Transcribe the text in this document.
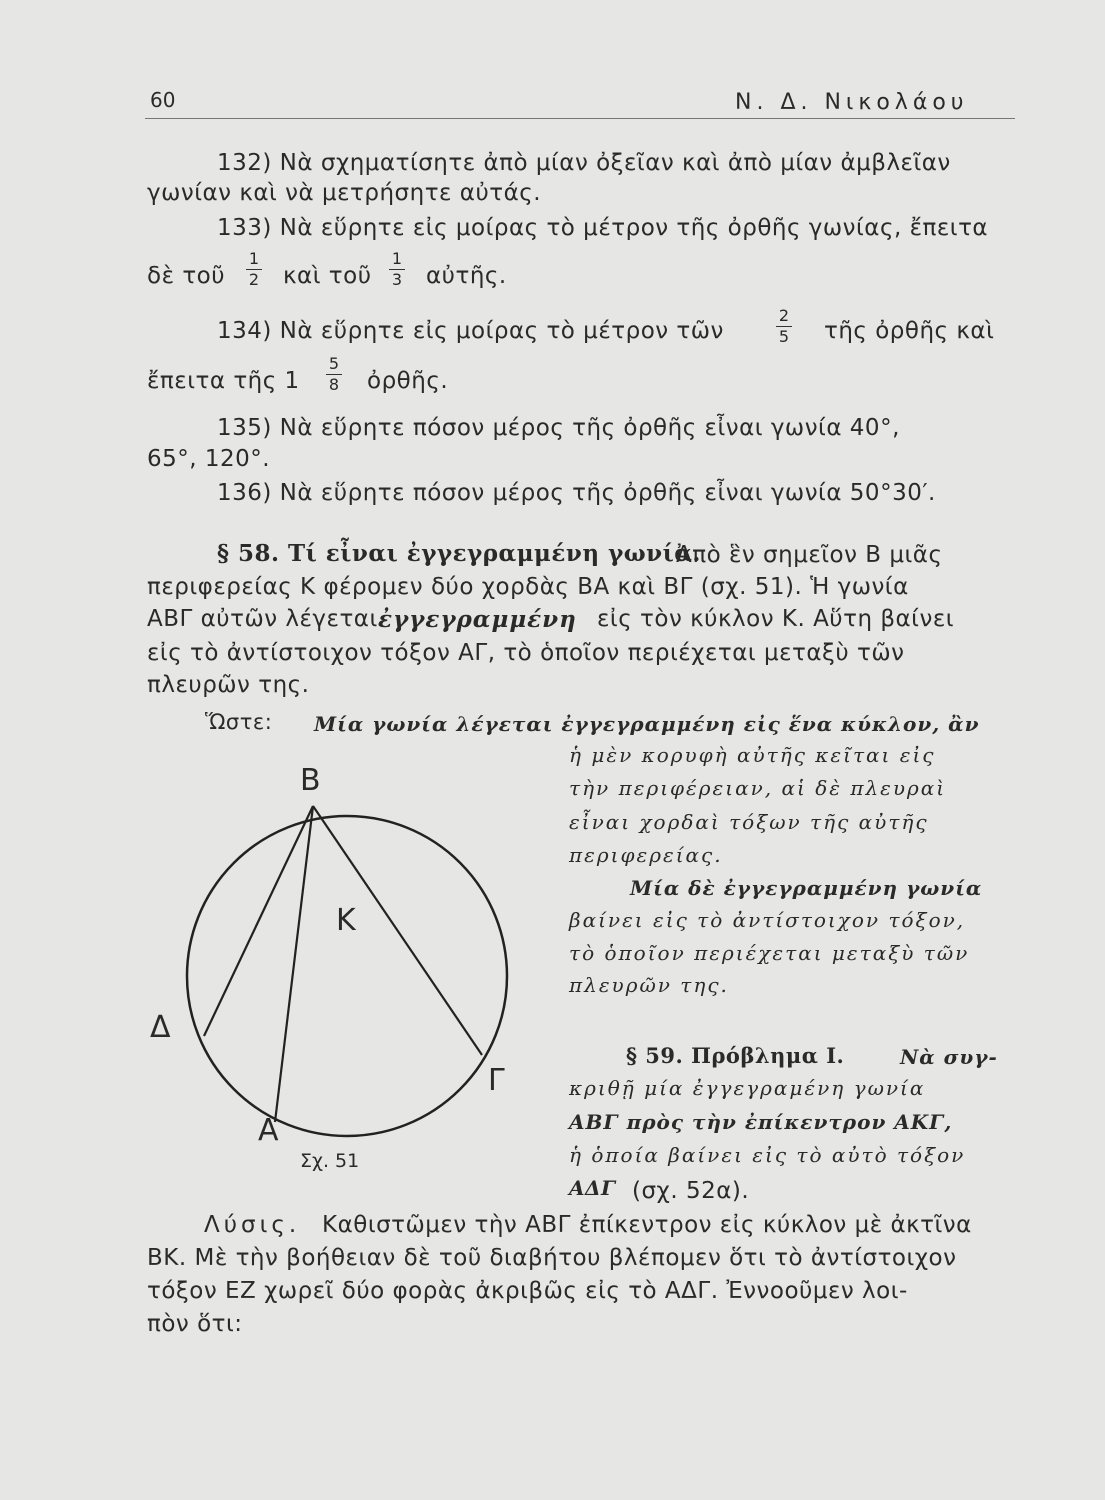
60	Ν. Δ. Νικολάου
132) Νὰ σχηματίσητε ἀπὸ μίαν ὀξεῖαν καὶ ἀπὸ μίαν ἀμβλεῖαν
γωνίαν καὶ νὰ μετρήσητε αὐτάς.
133) Νὰ εὕρητε εἰς μοίρας τὸ μέτρον τῆς ὀρθῆς γωνίας, ἔπειτα
δὲ τοῦ
1
2 καὶ τοῦ
1
3 αὐτῆς.
134) Νὰ εὕρητε εἰς μοίρας τὸ μέτρον τῶν
2
5 τῆς ὀρθῆς καὶ
ἔπειτα τῆς 1
5
8 ὀρθῆς.
135) Νὰ εὕρητε πόσον μέρος τῆς ὀρθῆς εἶναι γωνία 40°,
65°, 120°.
136) Νὰ εὕρητε πόσον μέρος τῆς ὀρθῆς εἶναι γωνία 50°30′.
§ 58. Τί εἶναι ἐγγεγραμμένη γωνία.
Ἀπὸ ἓν σημεῖον Β μιᾶς
περιφερείας Κ φέρομεν δύο χορδὰς ΒΑ καὶ ΒΓ (σχ. 51). Ἡ γωνία
ΑΒΓ αὐτῶν λέγεται ἐγγεγραμμένη εἰς τὸν κύκλον Κ. Αὕτη βαίνει
εἰς τὸ ἀντίστοιχον τόξον ΑΓ, τὸ ὁποῖον περιέχεται μεταξὺ τῶν
πλευρῶν της.
Ὥστε: Μία γωνία λέγεται ἐγγεγραμμένη εἰς ἕνα κύκλον, ἂν
ἡ μὲν κορυφὴ αὐτῆς κεῖται εἰς
τὴν περιφέρειαν, αἱ δὲ πλευραὶ
εἶναι χορδαὶ τόξων τῆς αὐτῆς
περιφερείας.
Μία δὲ ἐγγεγραμμένη γωνία
βαίνει εἰς τὸ ἀντίστοιχον τόξον,
τὸ ὁποῖον περιέχεται μεταξὺ τῶν
πλευρῶν της.
Β
Κ
Δ
Α
Γ
Σχ. 51
§ 59. Πρόβλημα Ι.	Νὰ συγ-
κριθῇ μία ἐγγεγραμένη γωνία
ΑΒΓ πρὸς τὴν ἐπίκεντρον ΑΚΓ,
ἡ ὁποία βαίνει εἰς τὸ αὐτὸ τόξον
ΑΔΓ (σχ. 52α).
Λύσις. Καθιστῶμεν τὴν ΑΒΓ ἐπίκεντρον εἰς κύκλον μὲ ἀκτῖνα
ΒΚ. Μὲ τὴν βοήθειαν δὲ τοῦ διαβήτου βλέπομεν ὅτι τὸ ἀντίστοιχον
τόξον ΕΖ χωρεῖ δύο φορὰς ἀκριβῶς εἰς τὸ ΑΔΓ. Ἐννοοῦμεν λοι-
πὸν ὅτι:
